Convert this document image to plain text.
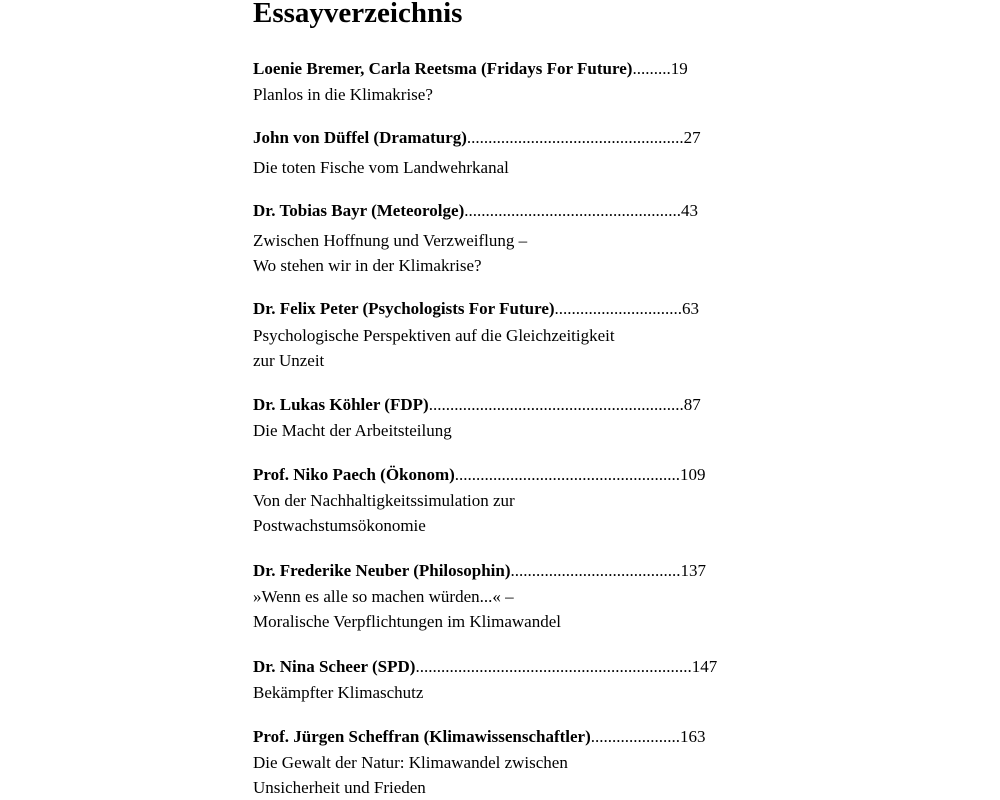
Essayverzeichnis
Loenie Bremer, Carla Reetsma (Fridays For Future).........19
Planlos in die Klimakrise?
John von Düffel (Dramaturg)...................................................27
Die toten Fische vom Landwehrkanal
Dr. Tobias Bayr (Meteorolge)...................................................43
Zwischen Hoffnung und Verzweiflung –
Wo stehen wir in der Klimakrise?
Dr. Felix Peter (Psychologists For Future)..............................63
Psychologische Perspektiven auf die Gleichzeitigkeit
zur Unzeit
Dr. Lukas Köhler (FDP)............................................................87
Die Macht der Arbeitsteilung
Prof. Niko Paech (Ökonom).....................................................109
Von der Nachhaltigkeitssimulation zur
Postwachstumsökonomie
Dr. Frederike Neuber (Philosophin)........................................137
»Wenn es alle so machen würden...« –
Moralische Verpflichtungen im Klimawandel
Dr. Nina Scheer (SPD).................................................................147
Bekämpfter Klimaschutz
Prof. Jürgen Scheffran (Klimawissenschaftler).....................163
Die Gewalt der Natur: Klimawandel zwischen
Unsicherheit und Frieden
